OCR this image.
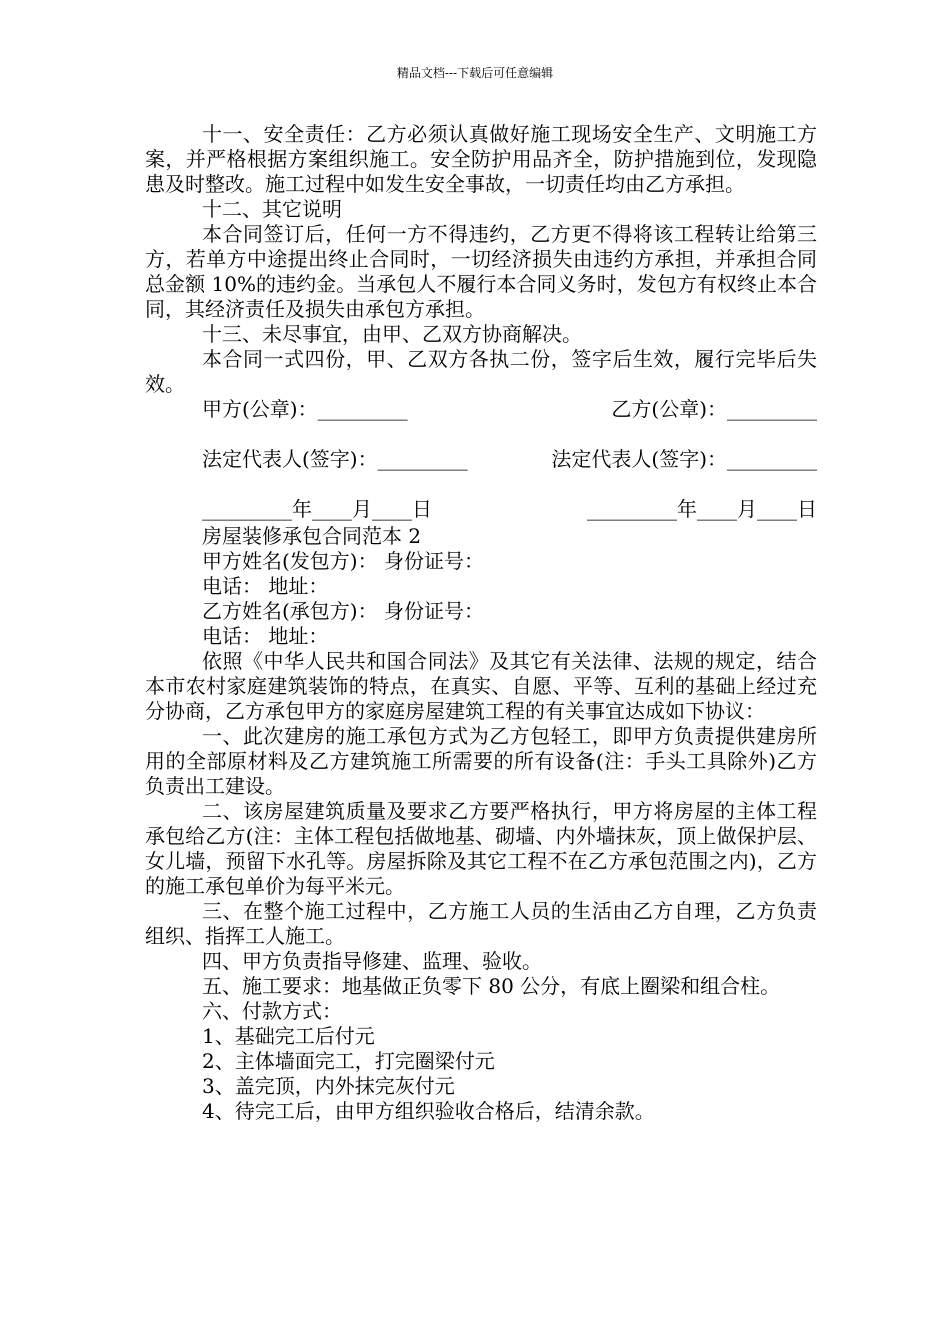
精品文档---下载后可任意编辑

十一、安全责任：乙方必须认真做好施工现场安全生产、文明施工方案，并严格根据方案组织施工。安全防护用品齐全，防护措施到位，发现隐患及时整改。施工过程中如发生安全事故，一切责任均由乙方承担。

十二、其它说明

本合同签订后，任何一方不得违约，乙方更不得将该工程转让给第三方，若单方中途提出终止合同时，一切经济损失由违约方承担，并承担合同总金额 10%的违约金。当承包人不履行本合同义务时，发包方有权终止本合同，其经济责任及损失由承包方承担。

十三、未尽事宜，由甲、乙双方协商解决。

本合同一式四份，甲、乙双方各执二份，签字后生效，履行完毕后失效。

甲方(公章)：_________	乙方(公章)：_________
法定代表人(签字)：_________	法定代表人(签字)：_________
_________年____月____日	_________年____月____日

房屋装修承包合同范本 2

甲方姓名(发包方)： 身份证号：

电话： 地址：

乙方姓名(承包方)： 身份证号：

电话： 地址：

依照《中华人民共和国合同法》及其它有关法律、法规的规定，结合本市农村家庭建筑装饰的特点，在真实、自愿、平等、互利的基础上经过充分协商，乙方承包甲方的家庭房屋建筑工程的有关事宜达成如下协议：

一、此次建房的施工承包方式为乙方包轻工，即甲方负责提供建房所用的全部原材料及乙方建筑施工所需要的所有设备(注：手头工具除外)乙方负责出工建设。

二、该房屋建筑质量及要求乙方要严格执行，甲方将房屋的主体工程承包给乙方(注：主体工程包括做地基、砌墙、内外墙抹灰，顶上做保护层、女儿墙，预留下水孔等。房屋拆除及其它工程不在乙方承包范围之内)，乙方的施工承包单价为每平米元。

三、在整个施工过程中，乙方施工人员的生活由乙方自理，乙方负责组织、指挥工人施工。

四、甲方负责指导修建、监理、验收。

五、施工要求：地基做正负零下 80 公分，有底上圈梁和组合柱。

六、付款方式：

1、基础完工后付元

2、主体墙面完工，打完圈梁付元

3、盖完顶，内外抹完灰付元

4、待完工后，由甲方组织验收合格后，结清余款。
